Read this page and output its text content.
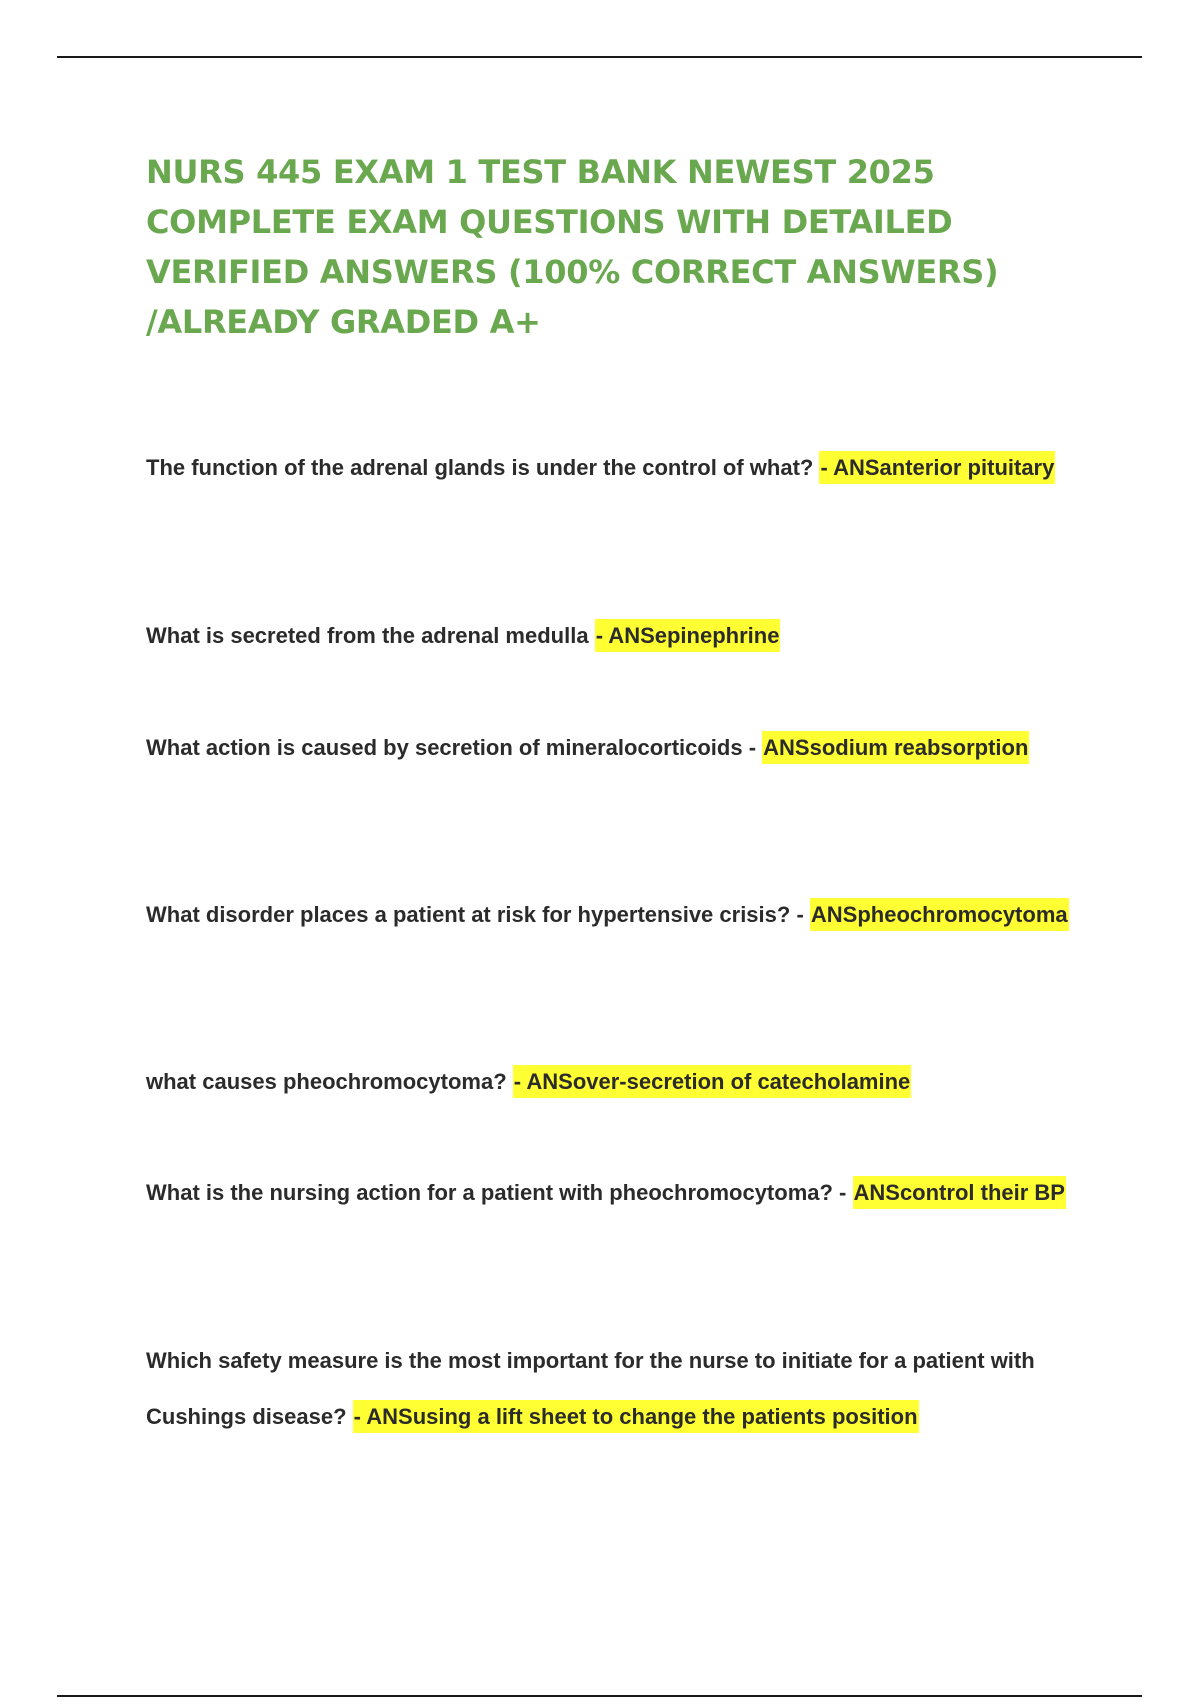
NURS 445 EXAM 1 TEST BANK NEWEST 2025 COMPLETE EXAM QUESTIONS WITH DETAILED VERIFIED ANSWERS (100% CORRECT ANSWERS) /ALREADY GRADED A+

The function of the adrenal glands is under the control of what? - ANSanterior pituitary

What is secreted from the adrenal medulla - ANSepinephrine

What action is caused by secretion of mineralocorticoids - ANSsodium reabsorption

What disorder places a patient at risk for hypertensive crisis? - ANSpheochromocytoma

what causes pheochromocytoma? - ANSover-secretion of catecholamine

What is the nursing action for a patient with pheochromocytoma? - ANScontrol their BP

Which safety measure is the most important for the nurse to initiate for a patient with Cushings disease? - ANSusing a lift sheet to change the patients position
